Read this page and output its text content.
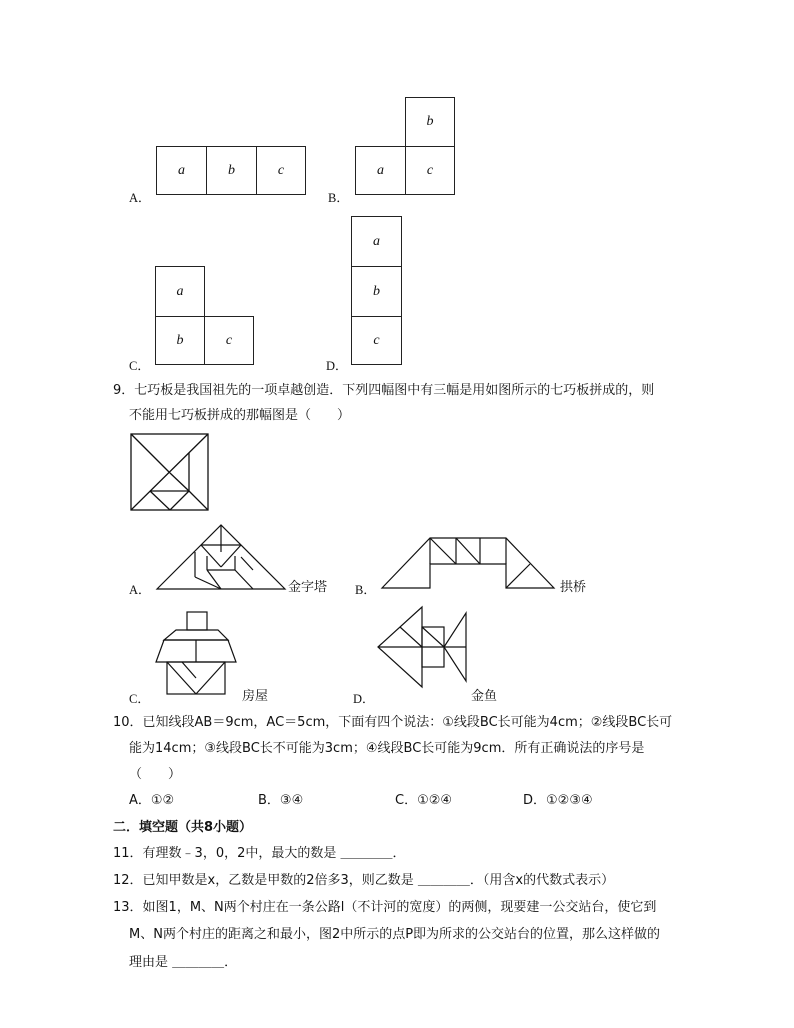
A．
a	b	c
B．
b
a	c
C．
a
b	c
D．
a
b
c
9．七巧板是我国祖先的一项卓越创造．下列四幅图中有三幅是用如图所示的七巧板拼成的，则
不能用七巧板拼成的那幅图是（　　）
A．	金字塔 B．	拱桥
C．	房屋	D．	金鱼
10．已知线段AB＝9cm，AC＝5cm，下面有四个说法：①线段BC长可能为4cm；②线段BC长可
能为14cm；③线段BC长不可能为3cm；④线段BC长可能为9cm．所有正确说法的序号是
（　　）
A．①②	B．③④	C．①②④	D．①②③④
二．填空题（共8小题）
11．有理数﹣3，0，2中，最大的数是 ＿＿＿＿．
12．已知甲数是x，乙数是甲数的2倍多3，则乙数是 ＿＿＿＿．（用含x的代数式表示）
13．如图1，M、N两个村庄在一条公路l（不计河的宽度）的两侧，现要建一公交站台，使它到
M、N两个村庄的距离之和最小，图2中所示的点P即为所求的公交站台的位置，那么这样做的
理由是 ＿＿＿＿．
